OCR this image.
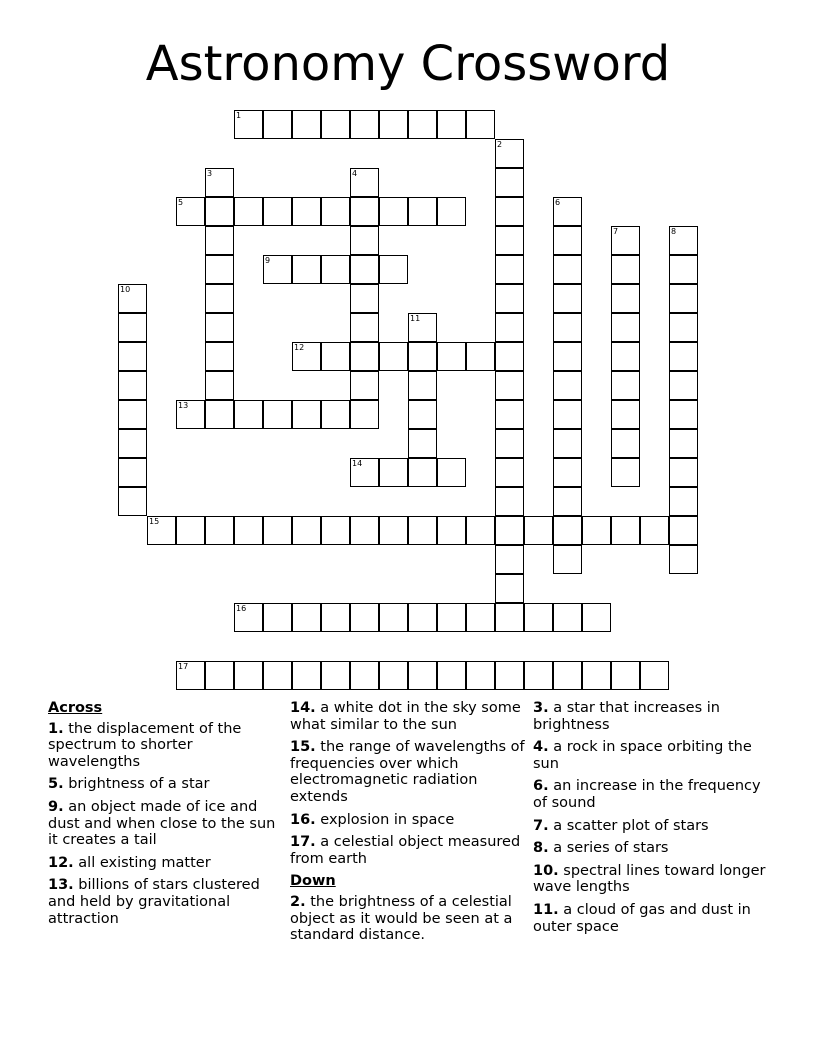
Astronomy Crossword
1
2
3	4
5	6
7	8
9
10
11
12
13
14
15
16
17
Across
1. the displacement of the spectrum to shorter wavelengths
5. brightness of a star
9. an object made of ice and dust and when close to the sun it creates a tail
12. all existing matter
13. billions of stars clustered and held by gravitational attraction
14. a white dot in the sky some what similar to the sun
15. the range of wavelengths of frequencies over which electromagnetic radiation extends
16. explosion in space
17. a celestial object measured from earth
Down
2. the brightness of a celestial object as it would be seen at a standard distance.
3. a star that increases in brightness
4. a rock in space orbiting the sun
6. an increase in the frequency of sound
7. a scatter plot of stars
8. a series of stars
10. spectral lines toward longer wave lengths
11. a cloud of gas and dust in outer space
